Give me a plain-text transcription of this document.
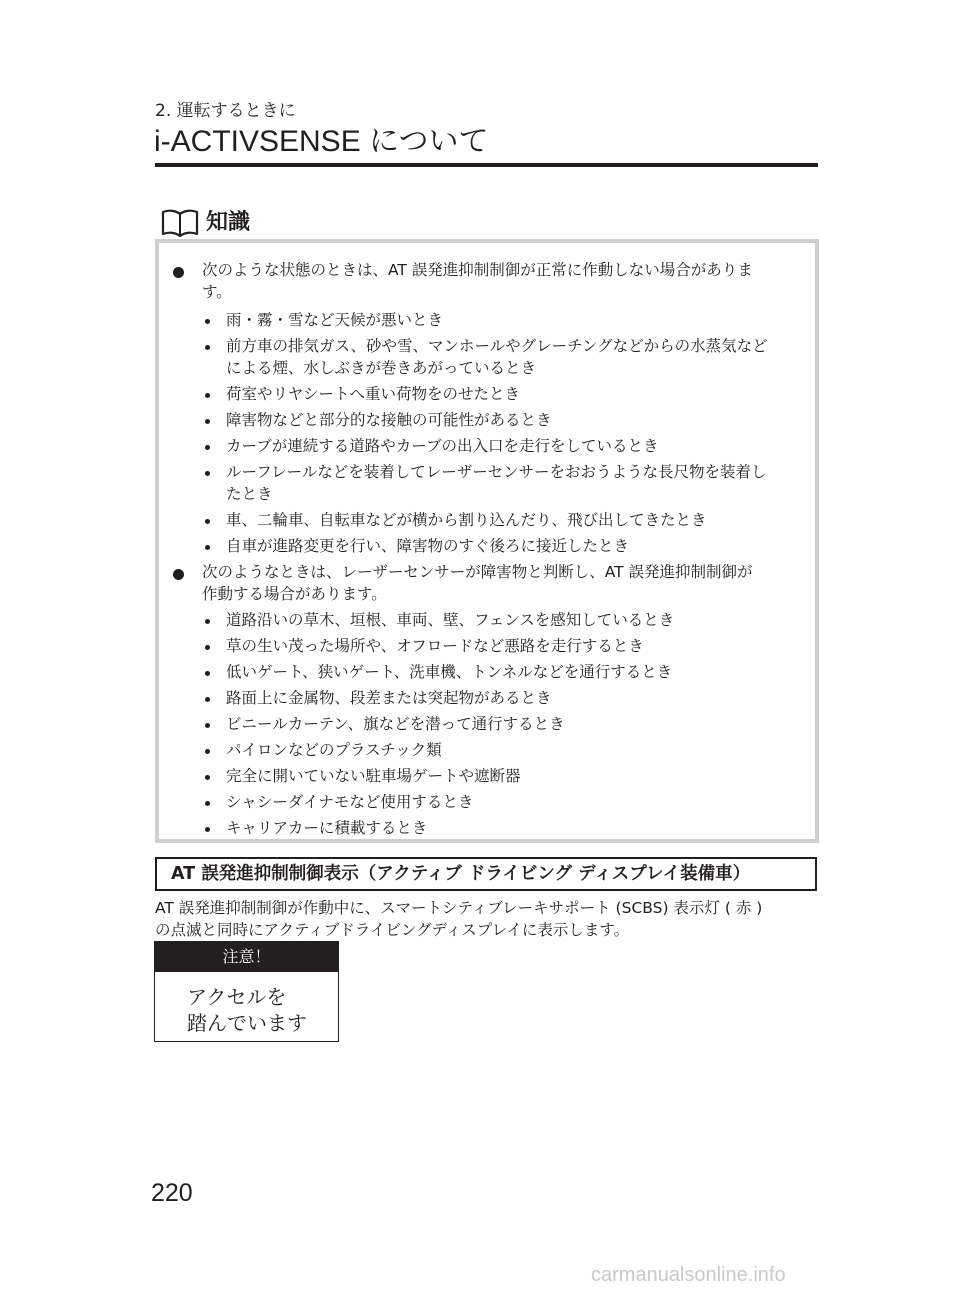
2. 運転するときに
i-ACTIVSENSE について
知識
次のような状態のときは、AT 誤発進抑制制御が正常に作動しない場合がありま
す。
雨・霧・雪など天候が悪いとき
前方車の排気ガス、砂や雪、マンホールやグレーチングなどからの水蒸気など
による煙、水しぶきが巻きあがっているとき
荷室やリヤシートへ重い荷物をのせたとき
障害物などと部分的な接触の可能性があるとき
カーブが連続する道路やカーブの出入口を走行をしているとき
ルーフレールなどを装着してレーザーセンサーをおおうような長尺物を装着し
たとき
車、二輪車、自転車などが横から割り込んだり、飛び出してきたとき
自車が進路変更を行い、障害物のすぐ後ろに接近したとき
次のようなときは、レーザーセンサーが障害物と判断し、AT 誤発進抑制制御が
作動する場合があります。
道路沿いの草木、垣根、車両、壁、フェンスを感知しているとき
草の生い茂った場所や、オフロードなど悪路を走行するとき
低いゲート、狭いゲート、洗車機、トンネルなどを通行するとき
路面上に金属物、段差または突起物があるとき
ビニールカーテン、旗などを潜って通行するとき
パイロンなどのプラスチック類
完全に開いていない駐車場ゲートや遮断器
シャシーダイナモなど使用するとき
キャリアカーに積載するとき
AT 誤発進抑制制御表示（アクティブ ドライビング ディスプレイ装備車）
AT 誤発進抑制制御が作動中に、スマートシティブレーキサポート (SCBS) 表示灯 ( 赤 )
の点滅と同時にアクティブドライビングディスプレイに表示します。
注意！
アクセルを
踏んでいます
220
carmanualsonline.info
